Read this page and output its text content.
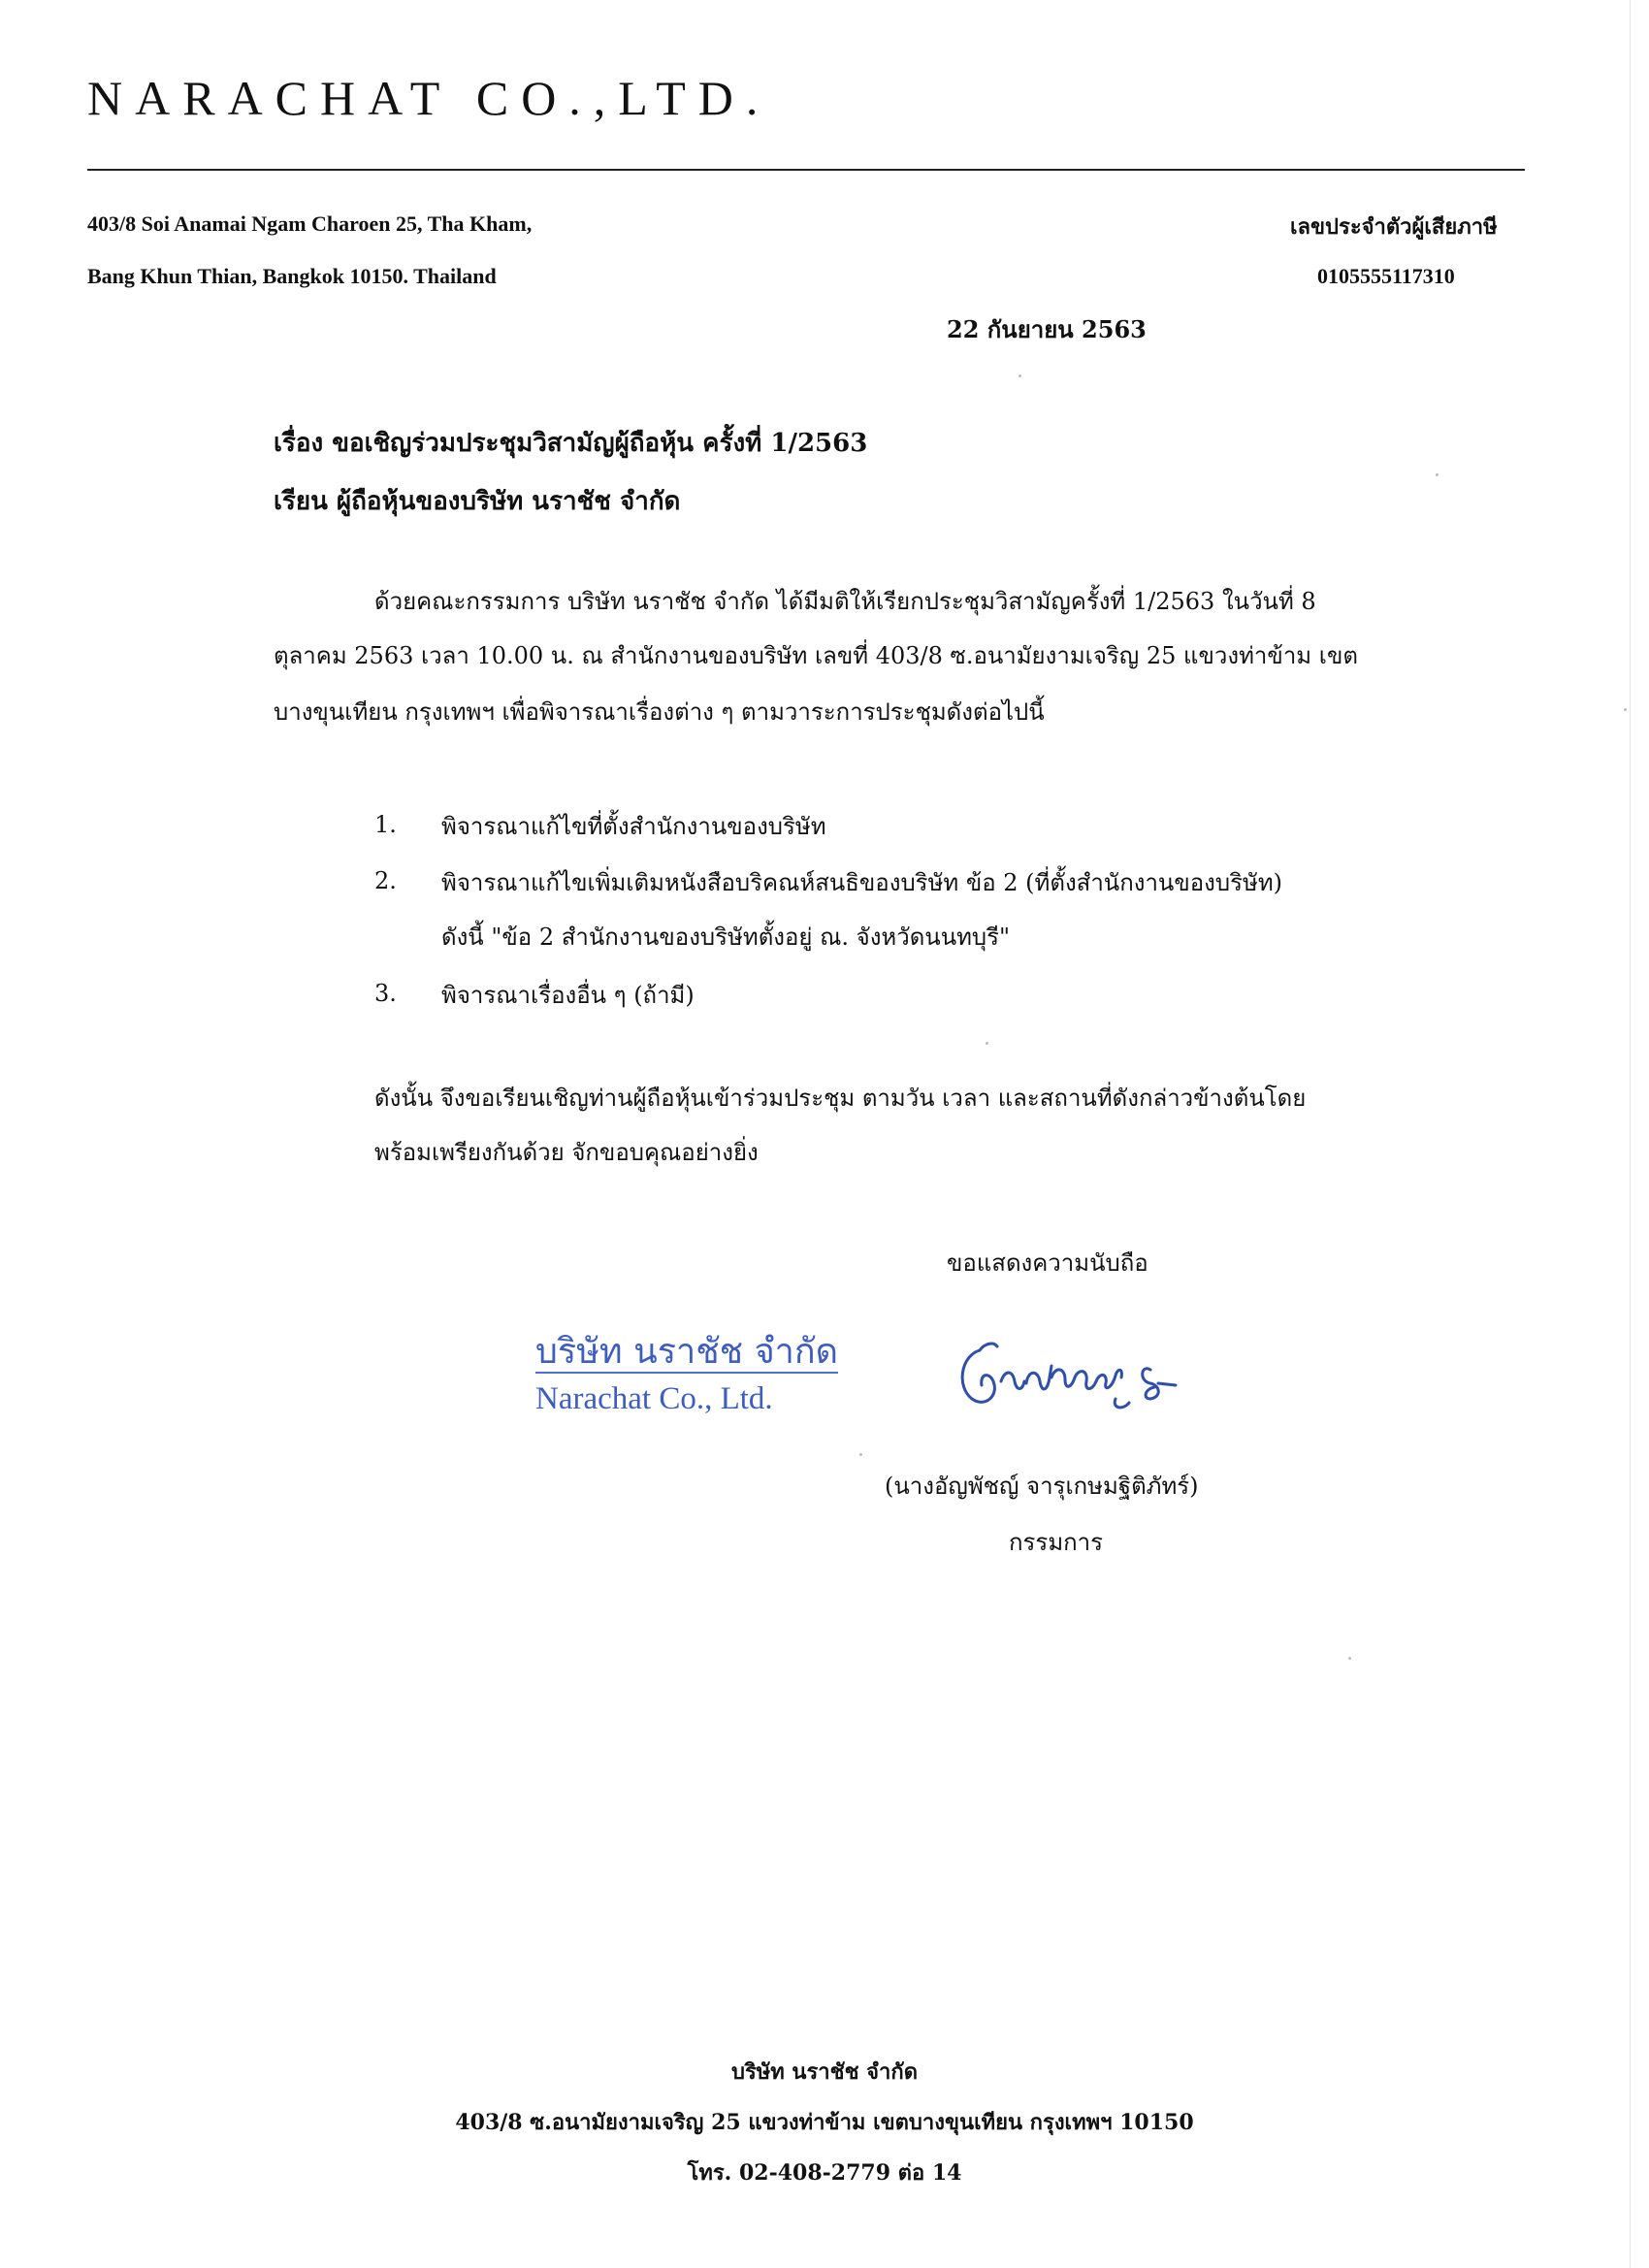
NARACHAT CO.,LTD.
403/8 Soi Anamai Ngam Charoen 25, Tha Kham,
Bang Khun Thian, Bangkok 10150. Thailand
เลขประจำตัวผู้เสียภาษี
0105555117310
22 กันยายน 2563
เรื่อง ขอเชิญร่วมประชุมวิสามัญผู้ถือหุ้น ครั้งที่ 1/2563
เรียน ผู้ถือหุ้นของบริษัท นราชัช จำกัด
ด้วยคณะกรรมการ บริษัท นราชัช จำกัด ได้มีมติให้เรียกประชุมวิสามัญครั้งที่ 1/2563 ในวันที่ 8
ตุลาคม 2563 เวลา 10.00 น. ณ สำนักงานของบริษัท เลขที่ 403/8 ซ.อนามัยงามเจริญ 25 แขวงท่าข้าม เขต
บางขุนเทียน กรุงเทพฯ เพื่อพิจารณาเรื่องต่าง ๆ ตามวาระการประชุมดังต่อไปนี้
1. พิจารณาแก้ไขที่ตั้งสำนักงานของบริษัท
2. พิจารณาแก้ไขเพิ่มเติมหนังสือบริคณห์สนธิของบริษัท ข้อ 2 (ที่ตั้งสำนักงานของบริษัท)
ดังนี้ "ข้อ 2 สำนักงานของบริษัทตั้งอยู่ ณ. จังหวัดนนทบุรี"
3. พิจารณาเรื่องอื่น ๆ (ถ้ามี)
ดังนั้น จึงขอเรียนเชิญท่านผู้ถือหุ้นเข้าร่วมประชุม ตามวัน เวลา และสถานที่ดังกล่าวข้างต้นโดย
พร้อมเพรียงกันด้วย จักขอบคุณอย่างยิ่ง
ขอแสดงความนับถือ
บริษัท นราชัช จำกัด
Narachat Co., Ltd.
(นางอัญพัชญ์ จารุเกษมฐิติภัทร์)
กรรมการ
บริษัท นราชัช จำกัด
403/8 ซ.อนามัยงามเจริญ 25 แขวงท่าข้าม เขตบางขุนเทียน กรุงเทพฯ 10150
โทร. 02-408-2779 ต่อ 14
